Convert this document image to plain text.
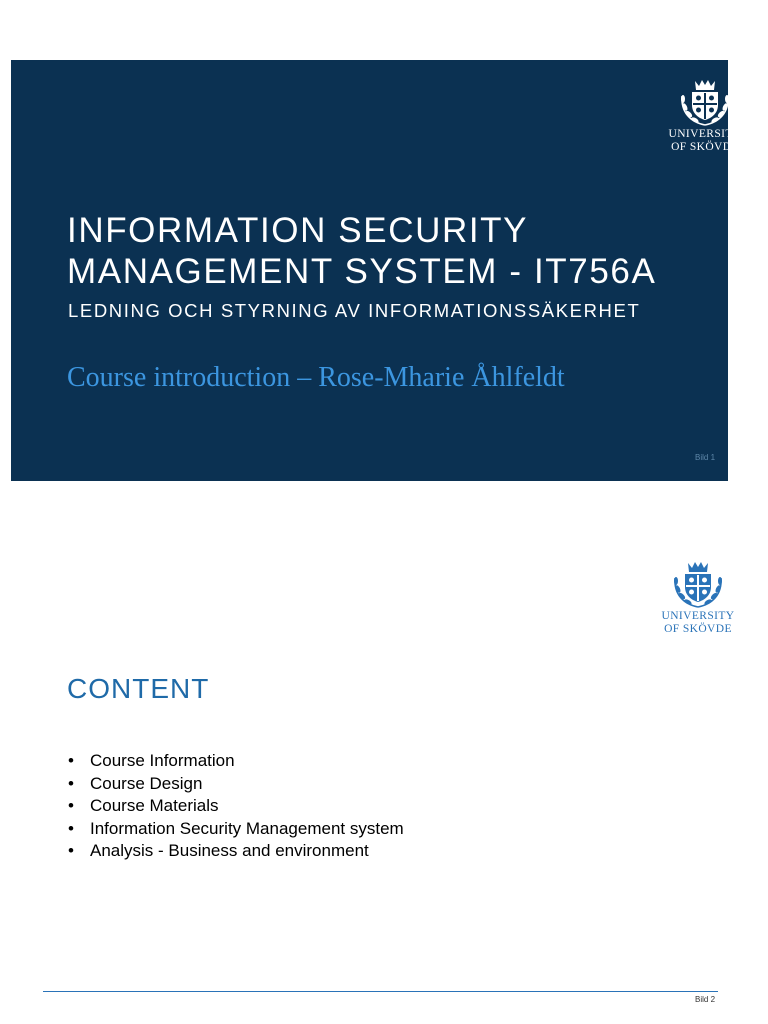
UNIVERSITY
OF SKÖVDE
INFORMATION SECURITY
MANAGEMENT SYSTEM - IT756A
LEDNING OCH STYRNING AV INFORMATIONSSÄKERHET
Course introduction – Rose-Mharie Åhlfeldt
Bild 1
UNIVERSITY
OF SKÖVDE
CONTENT
• Course Information
• Course Design
• Course Materials
• Information Security Management system
• Analysis - Business and environment
Bild 2
